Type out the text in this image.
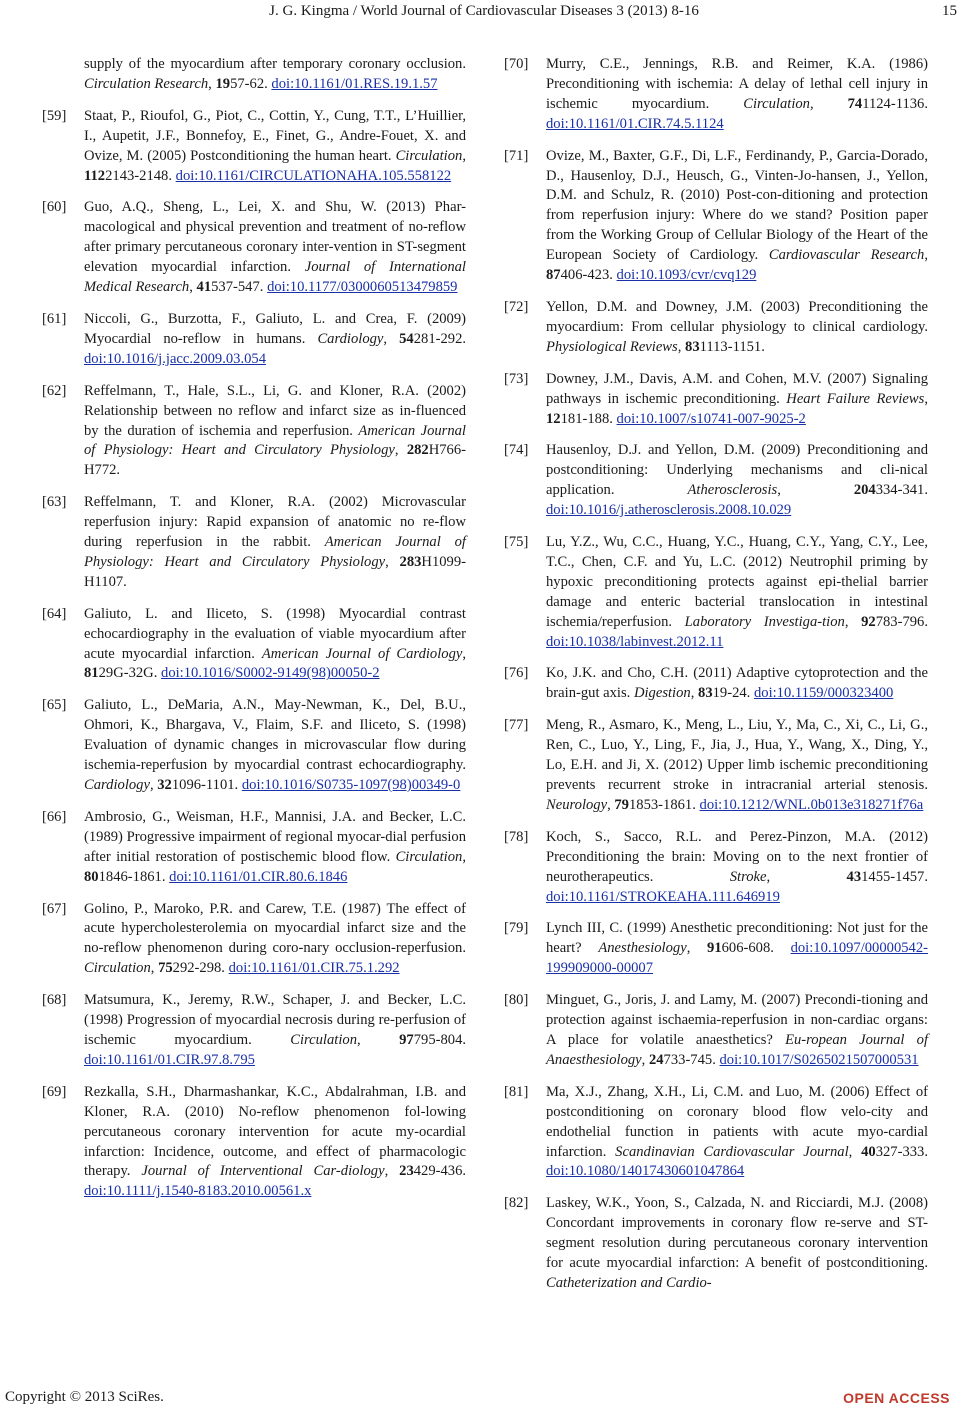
J. G. Kingma / World Journal of Cardiovascular Diseases 3 (2013) 8-16	15
supply of the myocardium after temporary coronary occlusion. Circulation Research, 1957-62. doi:10.1161/01.RES.19.1.57
[59] Staat, P., Rioufol, G., Piot, C., Cottin, Y., Cung, T.T., L’Huillier, I., Aupetit, J.F., Bonnefoy, E., Finet, G., Andre-Fouet, X. and Ovize, M. (2005) Postconditioning the human heart. Circulation, 1122143-2148. doi:10.1161/CIRCULATIONAHA.105.558122
[60] Guo, A.Q., Sheng, L., Lei, X. and Shu, W. (2013) Phar-macological and physical prevention and treatment of no-reflow after primary percutaneous coronary inter-vention in ST-segment elevation myocardial infarction. Journal of International Medical Research, 41537-547. doi:10.1177/0300060513479859
[61] Niccoli, G., Burzotta, F., Galiuto, L. and Crea, F. (2009) Myocardial no-reflow in humans. Cardiology, 54281-292. doi:10.1016/j.jacc.2009.03.054
[62] Reffelmann, T., Hale, S.L., Li, G. and Kloner, R.A. (2002) Relationship between no reflow and infarct size as in-fluenced by the duration of ischemia and reperfusion. American Journal of Physiology: Heart and Circulatory Physiology, 282H766-H772.
[63] Reffelmann, T. and Kloner, R.A. (2002) Microvascular reperfusion injury: Rapid expansion of anatomic no re-flow during reperfusion in the rabbit. American Journal of Physiology: Heart and Circulatory Physiology, 283H1099-H1107.
[64] Galiuto, L. and Iliceto, S. (1998) Myocardial contrast echocardiography in the evaluation of viable myocardium after acute myocardial infarction. American Journal of Cardiology, 8129G-32G. doi:10.1016/S0002-9149(98)00050-2
[65] Galiuto, L., DeMaria, A.N., May-Newman, K., Del, B.U., Ohmori, K., Bhargava, V., Flaim, S.F. and Iliceto, S. (1998) Evaluation of dynamic changes in microvascular flow during ischemia-reperfusion by myocardial contrast echocardiography. Cardiology, 321096-1101. doi:10.1016/S0735-1097(98)00349-0
[66] Ambrosio, G., Weisman, H.F., Mannisi, J.A. and Becker, L.C. (1989) Progressive impairment of regional myocar-dial perfusion after initial restoration of postischemic blood flow. Circulation, 801846-1861. doi:10.1161/01.CIR.80.6.1846
[67] Golino, P., Maroko, P.R. and Carew, T.E. (1987) The effect of acute hypercholesterolemia on myocardial infarct size and the no-reflow phenomenon during coro-nary occlusion-reperfusion. Circulation, 75292-298. doi:10.1161/01.CIR.75.1.292
[68] Matsumura, K., Jeremy, R.W., Schaper, J. and Becker, L.C. (1998) Progression of myocardial necrosis during re-perfusion of ischemic myocardium. Circulation, 97795-804. doi:10.1161/01.CIR.97.8.795
[69] Rezkalla, S.H., Dharmashankar, K.C., Abdalrahman, I.B. and Kloner, R.A. (2010) No-reflow phenomenon fol-lowing percutaneous coronary intervention for acute my-ocardial infarction: Incidence, outcome, and effect of pharmacologic therapy. Journal of Interventional Car-diology, 23429-436. doi:10.1111/j.1540-8183.2010.00561.x
[70] Murry, C.E., Jennings, R.B. and Reimer, K.A. (1986) Preconditioning with ischemia: A delay of lethal cell injury in ischemic myocardium. Circulation, 741124-1136. doi:10.1161/01.CIR.74.5.1124
[71] Ovize, M., Baxter, G.F., Di, L.F., Ferdinandy, P., Garcia-Dorado, D., Hausenloy, D.J., Heusch, G., Vinten-Jo-hansen, J., Yellon, D.M. and Schulz, R. (2010) Post-con-ditioning and protection from reperfusion injury: Where do we stand? Position paper from the Working Group of Cellular Biology of the Heart of the European Society of Cardiology. Cardiovascular Research, 87406-423. doi:10.1093/cvr/cvq129
[72] Yellon, D.M. and Downey, J.M. (2003) Preconditioning the myocardium: From cellular physiology to clinical cardiology. Physiological Reviews, 831113-1151.
[73] Downey, J.M., Davis, A.M. and Cohen, M.V. (2007) Signaling pathways in ischemic preconditioning. Heart Failure Reviews, 12181-188. doi:10.1007/s10741-007-9025-2
[74] Hausenloy, D.J. and Yellon, D.M. (2009) Preconditioning and postconditioning: Underlying mechanisms and cli-nical application. Atherosclerosis, 204334-341. doi:10.1016/j.atherosclerosis.2008.10.029
[75] Lu, Y.Z., Wu, C.C., Huang, Y.C., Huang, C.Y., Yang, C.Y., Lee, T.C., Chen, C.F. and Yu, L.C. (2012) Neutrophil priming by hypoxic preconditioning protects against epi-thelial barrier damage and enteric bacterial translocation in intestinal ischemia/reperfusion. Laboratory Investiga-tion, 92783-796. doi:10.1038/labinvest.2012.11
[76] Ko, J.K. and Cho, C.H. (2011) Adaptive cytoprotection and the brain-gut axis. Digestion, 8319-24. doi:10.1159/000323400
[77] Meng, R., Asmaro, K., Meng, L., Liu, Y., Ma, C., Xi, C., Li, G., Ren, C., Luo, Y., Ling, F., Jia, J., Hua, Y., Wang, X., Ding, Y., Lo, E.H. and Ji, X. (2012) Upper limb ischemic preconditioning prevents recurrent stroke in intracranial arterial stenosis. Neurology, 791853-1861. doi:10.1212/WNL.0b013e318271f76a
[78] Koch, S., Sacco, R.L. and Perez-Pinzon, M.A. (2012) Preconditioning the brain: Moving on to the next frontier of neurotherapeutics. Stroke, 431455-1457. doi:10.1161/STROKEAHA.111.646919
[79] Lynch III, C. (1999) Anesthetic preconditioning: Not just for the heart? Anesthesiology, 91606-608. doi:10.1097/00000542-199909000-00007
[80] Minguet, G., Joris, J. and Lamy, M. (2007) Precondi-tioning and protection against ischaemia-reperfusion in non-cardiac organs: A place for volatile anaesthetics? Eu-ropean Journal of Anaesthesiology, 24733-745. doi:10.1017/S0265021507000531
[81] Ma, X.J., Zhang, X.H., Li, C.M. and Luo, M. (2006) Effect of postconditioning on coronary blood flow velo-city and endothelial function in patients with acute myo-cardial infarction. Scandinavian Cardiovascular Journal, 40327-333. doi:10.1080/14017430601047864
[82] Laskey, W.K., Yoon, S., Calzada, N. and Ricciardi, M.J. (2008) Concordant improvements in coronary flow re-serve and ST-segment resolution during percutaneous coronary intervention for acute myocardial infarction: A benefit of postconditioning. Catheterization and Cardio-
Copyright © 2013 SciRes.	OPEN ACCESS
